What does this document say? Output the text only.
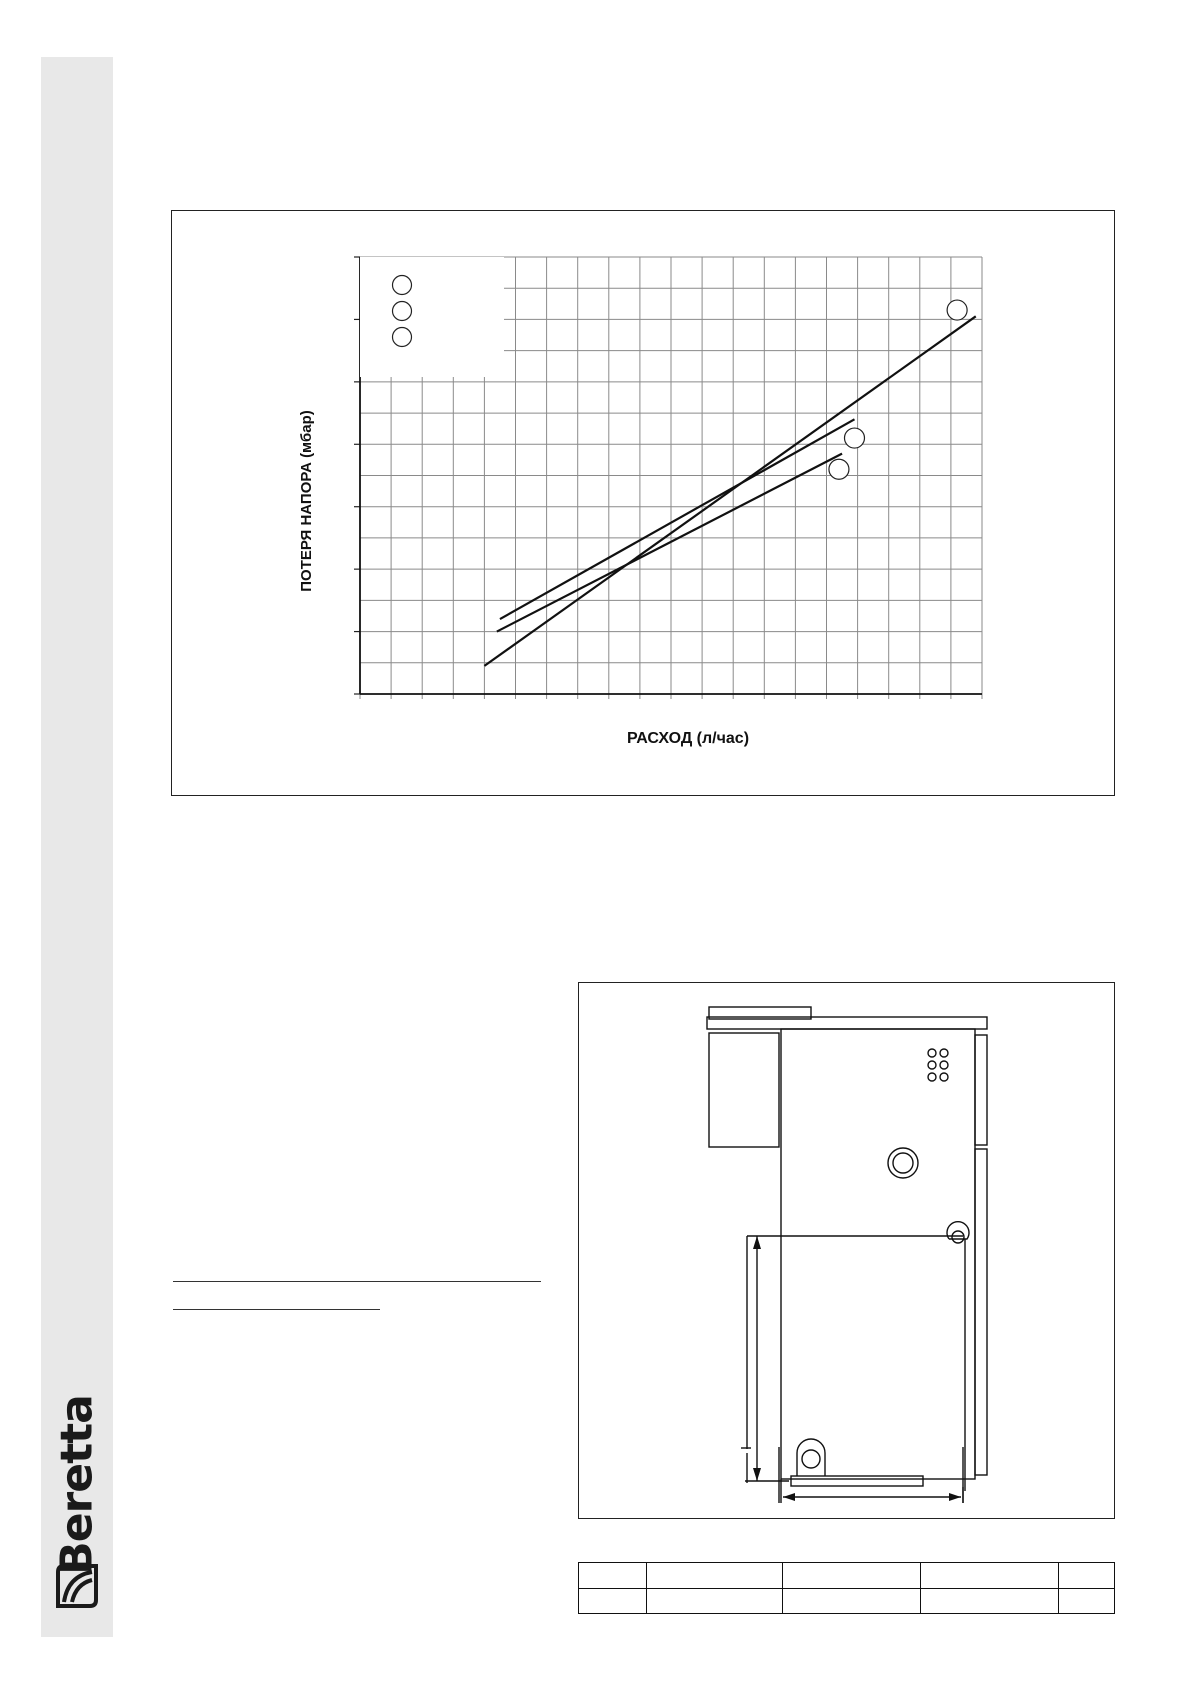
Beretta
ПОТЕРЯ НАПОРА (мбар)
РАСХОД (л/час)
